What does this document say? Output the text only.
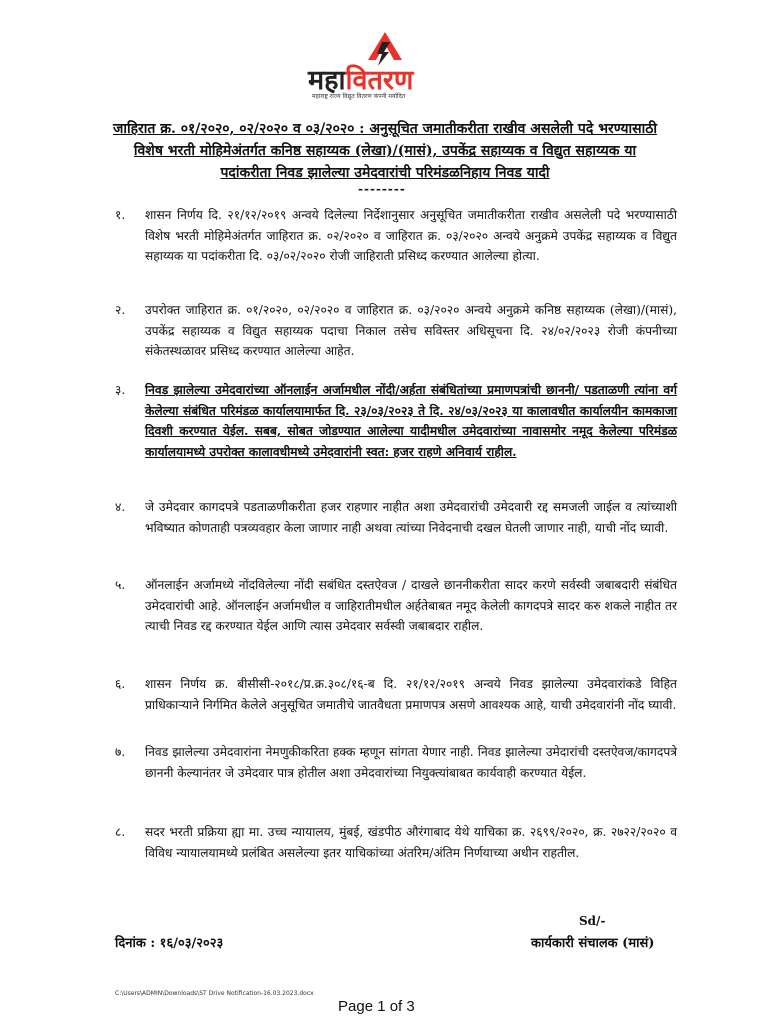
महावितरण
महाराष्ट्र राज्य विद्युत वितरण कंपनी मर्यादित
जाहिरात क्र. ०१/२०२०, ०२/२०२० व ०३/२०२० : अनुसूचित जमातीकरीता राखीव असलेली पदे भरण्यासाठी विशेष भरती मोहिमेअंतर्गत कनिष्ठ सहाय्यक (लेखा)/(मासं), उपकेंद्र सहाय्यक व विद्युत सहाय्यक या पदांकरीता निवड झालेल्या उमेदवारांची परिमंडळनिहाय निवड यादी
--------
१.	शासन निर्णय दि. २१/१२/२०१९ अन्वये दिलेल्या निर्देशानुसार अनुसूचित जमातीकरीता राखीव असलेली पदे भरण्यासाठी विशेष भरती मोहिमेअंतर्गत जाहिरात क्र. ०२/२०२० व जाहिरात क्र. ०३/२०२० अन्वये अनुक्रमे उपकेंद्र सहाय्यक व विद्युत सहाय्यक या पदांकरीता दि. ०३/०२/२०२० रोजी जाहिराती प्रसिध्द करण्यात आलेल्या होत्या.
२.	उपरोक्त जाहिरात क्र. ०१/२०२०, ०२/२०२० व जाहिरात क्र. ०३/२०२० अन्वये अनुक्रमे कनिष्ठ सहाय्यक (लेखा)/(मासं), उपकेंद्र सहाय्यक व विद्युत सहाय्यक पदाचा निकाल तसेच सविस्तर अधिसूचना दि. २४/०२/२०२३ रोजी कंपनीच्या संकेतस्थळावर प्रसिध्द करण्यात आलेल्या आहेत.
३.	निवड झालेल्या उमेदवारांच्या ऑनलाईन अर्जामधील नोंदी/अर्हता संबंधितांच्या प्रमाणपत्रांची छाननी/ पडताळणी त्यांना वर्ग केलेल्या संबंधित परिमंडळ कार्यालयामार्फत दि. २३/०३/२०२३ ते दि. २४/०३/२०२३ या कालावधीत कार्यालयीन कामकाजा दिवशी करण्यात येईल. सबब, सोबत जोडण्यात आलेल्या यादीमधील उमेदवारांच्या नावासमोर नमूद केलेल्या परिमंडळ कार्यालयामध्ये उपरोक्त कालावधीमध्ये उमेदवारांनी स्वत: हजर राहणे अनिवार्य राहील.
४.	जे उमेदवार कागदपत्रे पडताळणीकरीता हजर राहणार नाहीत अशा उमेदवारांची उमेदवारी रद्द समजली जाईल व त्यांच्याशी भविष्यात कोणताही पत्रव्यवहार केला जाणार नाही अथवा त्यांच्या निवेदनाची दखल घेतली जाणार नाही, याची नोंद घ्यावी.
५.	ऑनलाईन अर्जामध्ये नोंदविलेल्या नोंदी सबंधित दस्तऐवज / दाखले छाननीकरीता सादर करणे सर्वस्वी जबाबदारी संबंधित उमेदवारांची आहे. ऑनलाईन अर्जामधील व जाहिरातीमधील अर्हतेबाबत नमूद केलेली कागदपत्रे सादर करु शकले नाहीत तर त्याची निवड रद्द करण्यात येईल आणि त्यास उमेदवार सर्वस्वी जबाबदार राहील.
६.	शासन निर्णय क्र. बीसीसी-२०१८/प्र.क्र.३०८/१६-ब दि. २१/१२/२०१९ अन्वये निवड झालेल्या उमेदवारांकडे विहित प्राधिकाऱ्याने निर्गमित केलेले अनुसूचित जमातीचे जातवैधता प्रमाणपत्र असणे आवश्यक आहे, याची उमेदवारांनी नोंद घ्यावी.
७.	निवड झालेल्या उमेदवारांना नेमणुकीकरिता हक्क म्हणून सांगता येणार नाही. निवड झालेल्या उमेदारांची दस्तऐवज/कागदपत्रे छाननी केल्यानंतर जे उमेदवार पात्र होतील अशा उमेदवारांच्या नियुक्त्यांबाबत कार्यवाही करण्यात येईल.
८.	सदर भरती प्रक्रिया ह्या मा. उच्च न्यायालय, मुंबई, खंडपीठ औरंगाबाद येथे याचिका क्र. २६९९/२०२०, क्र. २७२२/२०२० व विविध न्यायालयामध्ये प्रलंबित असलेल्या इतर याचिकांच्या अंतरिम/अंतिम निर्णयाच्या अधीन राहतील.
Sd/-
दिनांक : १६/०३/२०२३	कार्यकारी संचालक (मासं)
C:\Users\ADMIN\Downloads\ST Drive Notification-16.03.2023.docx
Page 1 of 3
